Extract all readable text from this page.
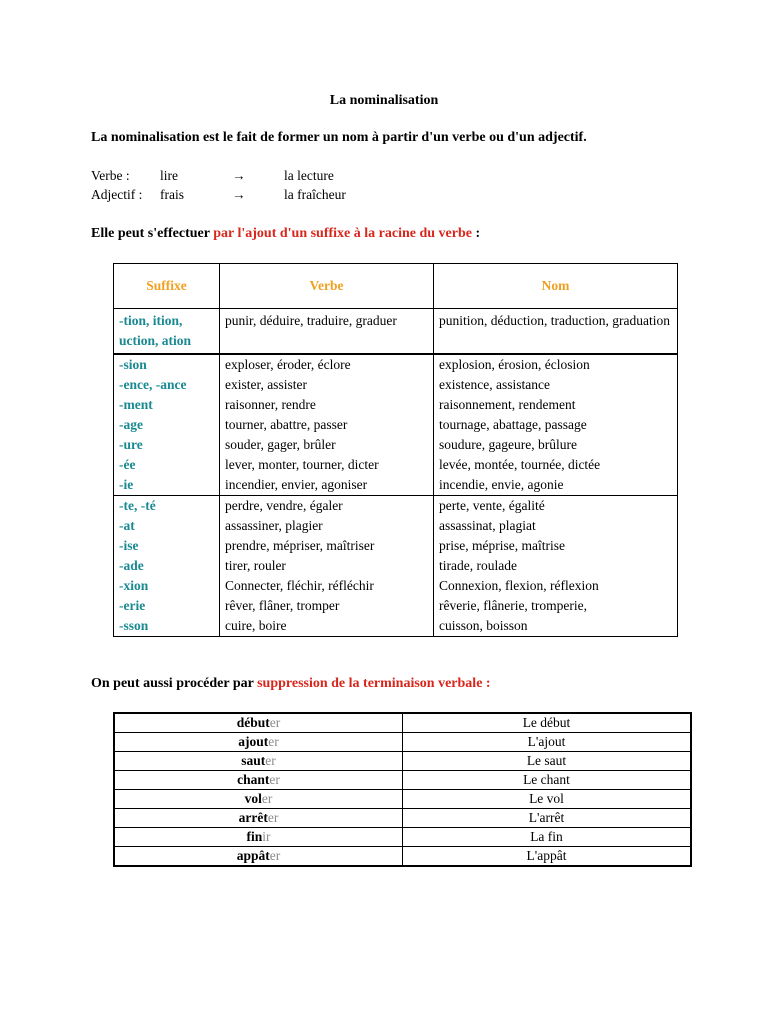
La nominalisation
La nominalisation est le fait de former un nom à partir d'un verbe ou d'un adjectif.
Verbe : lire	→	la lecture
Adjectif : frais	→	la fraîcheur
Elle peut s'effectuer par l'ajout d'un suffixe à la racine du verbe :
Suffixe	Verbe	Nom
-tion, ition, uction, ation	punir, déduire, traduire, graduer	punition, déduction, traduction, graduation
-sion	exploser, éroder, éclore	explosion, érosion, éclosion
-ence, -ance	exister, assister	existence, assistance
-ment	raisonner, rendre	raisonnement, rendement
-age	tourner, abattre, passer	tournage, abattage, passage
-ure	souder, gager, brûler	soudure, gageure, brûlure
-ée	lever, monter, tourner, dicter	levée, montée, tournée, dictée
-ie	incendier, envier, agoniser	incendie, envie, agonie
-te, -té	perdre, vendre, égaler	perte, vente, égalité
-at	assassiner, plagier	assassinat, plagiat
-ise	prendre, mépriser, maîtriser	prise, méprise, maîtrise
-ade	tirer, rouler	tirade, roulade
-xion	Connecter, fléchir, réfléchir	Connexion, flexion, réflexion
-erie	rêver, flâner, tromper	rêverie, flânerie, tromperie,
-sson	cuire, boire	cuisson, boisson
On peut aussi procéder par suppression de la terminaison verbale :
débuter	Le début
ajouter	L'ajout
sauter	Le saut
chanter	Le chant
voler	Le vol
arrêter	L'arrêt
finir	La fin
appâter	L'appât
